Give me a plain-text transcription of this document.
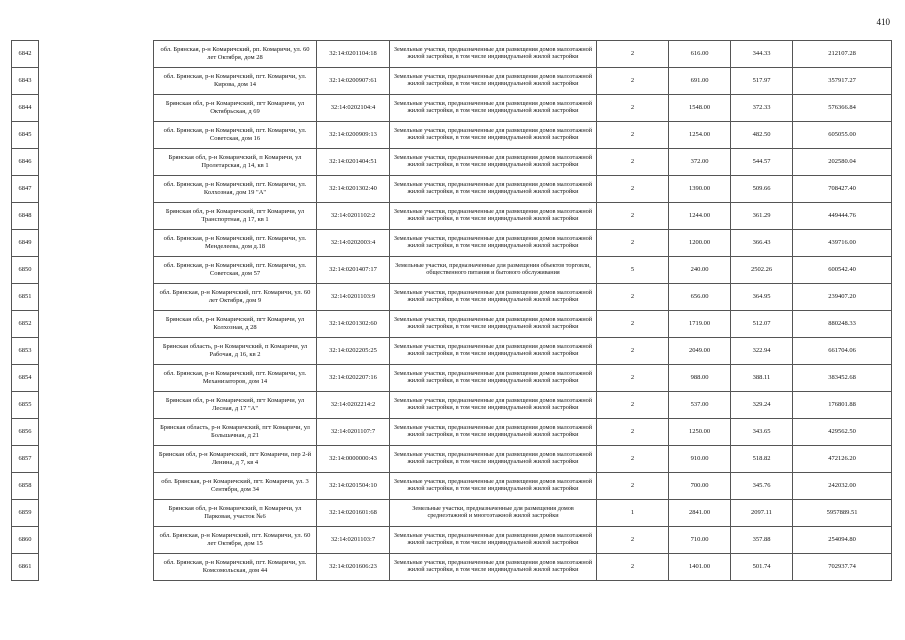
410
6842		обл. Брянская, р-н Комаричский, рп. Комаричи, ул. 60 лет Октября, дом 28	32:14:0201104:18	Земельные участки, предназначенные для размещения домов малоэтажной жилой застройки, в том числе индивидуальной жилой застройки	2	616.00	344.33	212107.28
6843		обл. Брянская, р-н Комаричский, пгт. Комаричи, ул. Кирова, дом 14	32:14:0200907:61	Земельные участки, предназначенные для размещения домов малоэтажной жилой застройки, в том числе индивидуальной жилой застройки	2	691.00	517.97	357917.27
6844		Брянская обл, р-н Комаричский, пгт Комаричи, ул Октябрьская, д 69	32:14:0202104:4	Земельные участки, предназначенные для размещения домов малоэтажной жилой застройки, в том числе индивидуальной жилой застройки	2	1548.00	372.33	576366.84
6845		обл. Брянская, р-н Комаричский, пгт. Комаричи, ул. Советская, дом 16	32:14:0200909:13	Земельные участки, предназначенные для размещения домов малоэтажной жилой застройки, в том числе индивидуальной жилой застройки	2	1254.00	482.50	605055.00
6846		Брянская обл, р-н Комаричский, п Комаричи, ул Пролетарская, д 14, кв 1	32:14:0201404:51	Земельные участки, предназначенные для размещения домов малоэтажной жилой застройки, в том числе индивидуальной жилой застройки	2	372.00	544.57	202580.04
6847		обл. Брянская, р-н Комаричский, пгт. Комаричи, ул. Колхозная, дом 19 "А"	32:14:0201302:40	Земельные участки, предназначенные для размещения домов малоэтажной жилой застройки, в том числе индивидуальной жилой застройки	2	1390.00	509.66	708427.40
6848		Брянская обл, р-н Комаричский, пгт Комаричи, ул Транспортная, д 17, кв 1	32:14:0201102:2	Земельные участки, предназначенные для размещения домов малоэтажной жилой застройки, в том числе индивидуальной жилой застройки	2	1244.00	361.29	449444.76
6849		обл. Брянская, р-н Комаричский, пгт. Комаричи, ул. Менделеева, дом д.18	32:14:0202003:4	Земельные участки, предназначенные для размещения домов малоэтажной жилой застройки, в том числе индивидуальной жилой застройки	2	1200.00	366.43	439716.00
6850		обл. Брянская, р-н Комаричский, пгт. Комаричи, ул. Советская, дом 57	32:14:0201407:17	Земельные участки, предназначенные для размещения объектов торговли, общественного питания и бытового обслуживания	5	240.00	2502.26	600542.40
6851		обл. Брянская, р-н Комаричский, пгт. Комаричи, ул. 60 лет Октября, дом 9	32:14:0201103:9	Земельные участки, предназначенные для размещения домов малоэтажной жилой застройки, в том числе индивидуальной жилой застройки	2	656.00	364.95	239407.20
6852		Брянская обл, р-н Комаричский, пгт Комаричи, ул Колхозная, д 28	32:14:0201302:60	Земельные участки, предназначенные для размещения домов малоэтажной жилой застройки, в том числе индивидуальной жилой застройки	2	1719.00	512.07	880248.33
6853		Брянская область, р-н Комаричский, п Комаричи, ул Рабочая, д 16, кв 2	32:14:0202205:25	Земельные участки, предназначенные для размещения домов малоэтажной жилой застройки, в том числе индивидуальной жилой застройки	2	2049.00	322.94	661704.06
6854		обл. Брянская, р-н Комаричский, пгт. Комаричи, ул. Механизаторов, дом 14	32:14:0202207:16	Земельные участки, предназначенные для размещения домов малоэтажной жилой застройки, в том числе индивидуальной жилой застройки	2	988.00	388.11	383452.68
6855		Брянская обл, р-н Комаричский, пгт Комаричи, ул Лесная, д 17 "А"	32:14:0202214:2	Земельные участки, предназначенные для размещения домов малоэтажной жилой застройки, в том числе индивидуальной жилой застройки	2	537.00	329.24	176801.88
6856		Брянская область, р-н Комаричский, пгт Комаричи, ул Большачная, д 21	32:14:0201107:7	Земельные участки, предназначенные для размещения домов малоэтажной жилой застройки, в том числе индивидуальной жилой застройки	2	1250.00	343.65	429562.50
6857		Брянская обл, р-н Комаричский, пгт Комаричи, пер 2-й Ленина, д 7, кв 4	32:14:0000000:43	Земельные участки, предназначенные для размещения домов малоэтажной жилой застройки, в том числе индивидуальной жилой застройки	2	910.00	518.82	472126.20
6858		обл. Брянская, р-н Комаричский, пгт. Комаричи, ул. 3 Сентября, дом 34	32:14:0201504:10	Земельные участки, предназначенные для размещения домов малоэтажной жилой застройки, в том числе индивидуальной жилой застройки	2	700.00	345.76	242032.00
6859		Брянская обл, р-н Комаричский, п Комаричи, ул Парковая, участок №6	32:14:0201601:68	Земельные участки, предназначенные для размещения домов среднеэтажной и многоэтажной жилой застройки	1	2841.00	2097.11	5957889.51
6860		обл. Брянская, р-н Комаричский, пгт. Комаричи, ул. 60 лет Октября, дом 15	32:14:0201103:7	Земельные участки, предназначенные для размещения домов малоэтажной жилой застройки, в том числе индивидуальной жилой застройки	2	710.00	357.88	254094.80
6861		обл. Брянская, р-н Комаричский, пгт. Комаричи, ул. Комсомольская, дом 44	32:14:0201606:23	Земельные участки, предназначенные для размещения домов малоэтажной жилой застройки, в том числе индивидуальной жилой застройки	2	1401.00	501.74	702937.74
